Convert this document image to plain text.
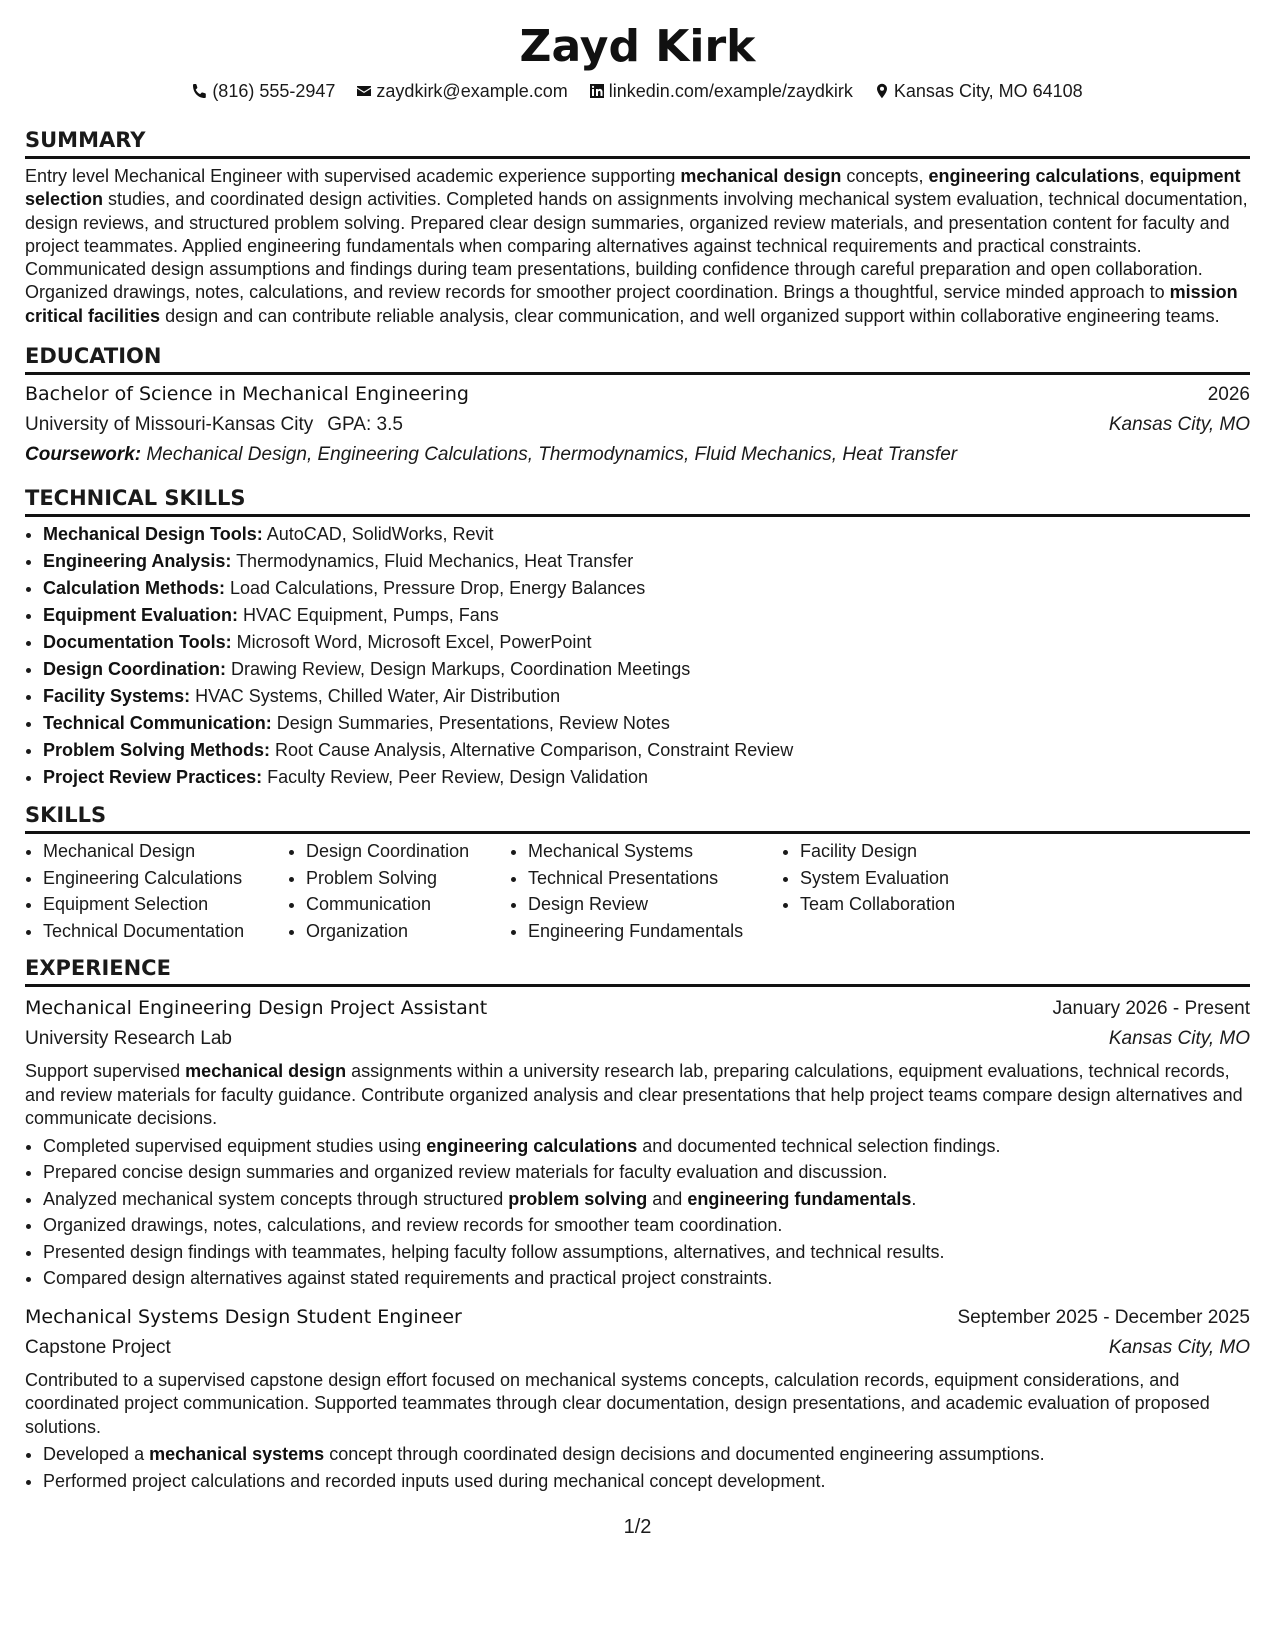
Zayd Kirk
(816) 555-2947 zaydkirk@example.com linkedin.com/example/zaydkirk Kansas City, MO 64108
SUMMARY

Entry level Mechanical Engineer with supervised academic experience supporting mechanical design concepts, engineering calculations, equipment selection studies, and coordinated design activities. Completed hands on assignments involving mechanical system evaluation, technical documentation, design reviews, and structured problem solving. Prepared clear design summaries, organized review materials, and presentation content for faculty and project teammates. Applied engineering fundamentals when comparing alternatives against technical requirements and practical constraints. Communicated design assumptions and findings during team presentations, building confidence through careful preparation and open collaboration. Organized drawings, notes, calculations, and review records for smoother project coordination. Brings a thoughtful, service minded approach to mission critical facilities design and can contribute reliable analysis, clear communication, and well organized support within collaborative engineering teams.

EDUCATION
Bachelor of Science in Mechanical Engineering	2026
University of Missouri-Kansas City GPA: 3.5	Kansas City, MO
Coursework: Mechanical Design, Engineering Calculations, Thermodynamics, Fluid Mechanics, Heat Transfer
TECHNICAL SKILLS
• Mechanical Design Tools: AutoCAD, SolidWorks, Revit
• Engineering Analysis: Thermodynamics, Fluid Mechanics, Heat Transfer
• Calculation Methods: Load Calculations, Pressure Drop, Energy Balances
• Equipment Evaluation: HVAC Equipment, Pumps, Fans
• Documentation Tools: Microsoft Word, Microsoft Excel, PowerPoint
• Design Coordination: Drawing Review, Design Markups, Coordination Meetings
• Facility Systems: HVAC Systems, Chilled Water, Air Distribution
• Technical Communication: Design Summaries, Presentations, Review Notes
• Problem Solving Methods: Root Cause Analysis, Alternative Comparison, Constraint Review
• Project Review Practices: Faculty Review, Peer Review, Design Validation
SKILLS
• Mechanical Design
• Engineering Calculations
• Equipment Selection
• Technical Documentation
• Design Coordination
• Problem Solving
• Communication
• Organization
• Mechanical Systems
• Technical Presentations
• Design Review
• Engineering Fundamentals
• Facility Design
• System Evaluation
• Team Collaboration
EXPERIENCE
Mechanical Engineering Design Project Assistant	January 2026 - Present
University Research Lab	Kansas City, MO

Support supervised mechanical design assignments within a university research lab, preparing calculations, equipment evaluations, technical records, and review materials for faculty guidance. Contribute organized analysis and clear presentations that help project teams compare design alternatives and communicate decisions.

• Completed supervised equipment studies using engineering calculations and documented technical selection findings.
• Prepared concise design summaries and organized review materials for faculty evaluation and discussion.
• Analyzed mechanical system concepts through structured problem solving and engineering fundamentals.
• Organized drawings, notes, calculations, and review records for smoother team coordination.
• Presented design findings with teammates, helping faculty follow assumptions, alternatives, and technical results.
• Compared design alternatives against stated requirements and practical project constraints.
Mechanical Systems Design Student Engineer	September 2025 - December 2025
Capstone Project	Kansas City, MO

Contributed to a supervised capstone design effort focused on mechanical systems concepts, calculation records, equipment considerations, and coordinated project communication. Supported teammates through clear documentation, design presentations, and academic evaluation of proposed solutions.

• Developed a mechanical systems concept through coordinated design decisions and documented engineering assumptions.
• Performed project calculations and recorded inputs used during mechanical concept development.
1/2
